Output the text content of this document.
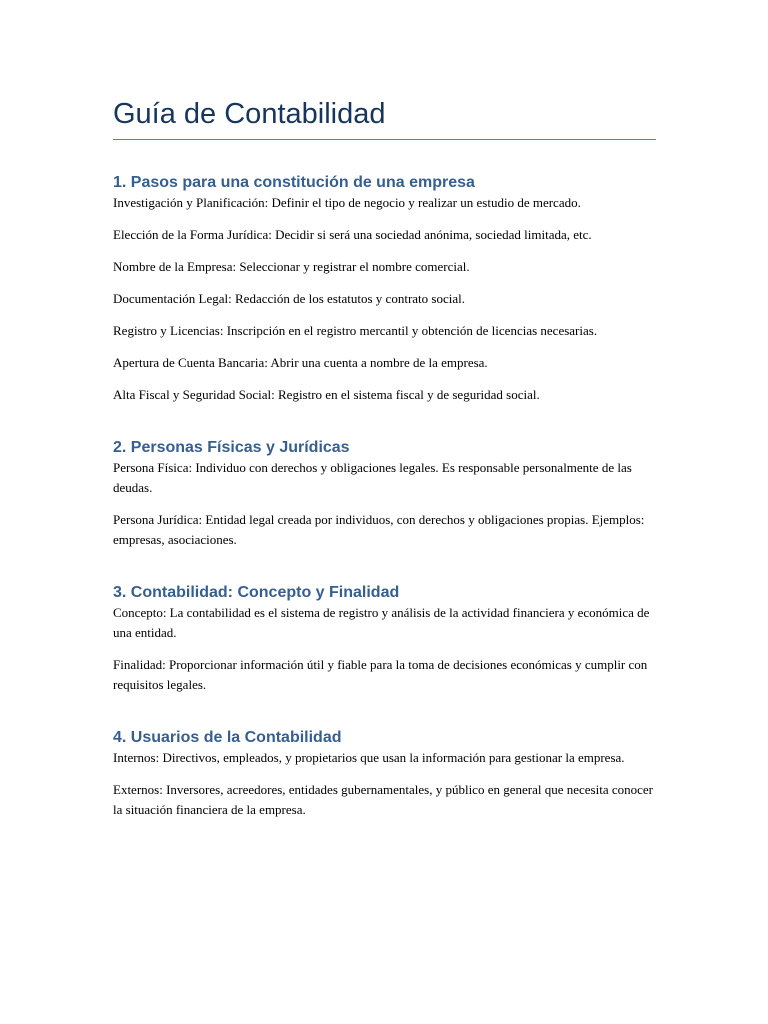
Guía de Contabilidad
1. Pasos para una constitución de una empresa

Investigación y Planificación: Definir el tipo de negocio y realizar un estudio de mercado.

Elección de la Forma Jurídica: Decidir si será una sociedad anónima, sociedad limitada, etc.

Nombre de la Empresa: Seleccionar y registrar el nombre comercial.

Documentación Legal: Redacción de los estatutos y contrato social.

Registro y Licencias: Inscripción en el registro mercantil y obtención de licencias necesarias.

Apertura de Cuenta Bancaria: Abrir una cuenta a nombre de la empresa.

Alta Fiscal y Seguridad Social: Registro en el sistema fiscal y de seguridad social.

2. Personas Físicas y Jurídicas

Persona Física: Individuo con derechos y obligaciones legales. Es responsable personalmente de las deudas.

Persona Jurídica: Entidad legal creada por individuos, con derechos y obligaciones propias. Ejemplos: empresas, asociaciones.

3. Contabilidad: Concepto y Finalidad

Concepto: La contabilidad es el sistema de registro y análisis de la actividad financiera y económica de una entidad.

Finalidad: Proporcionar información útil y fiable para la toma de decisiones económicas y cumplir con requisitos legales.

4. Usuarios de la Contabilidad

Internos: Directivos, empleados, y propietarios que usan la información para gestionar la empresa.

Externos: Inversores, acreedores, entidades gubernamentales, y público en general que necesita conocer la situación financiera de la empresa.
